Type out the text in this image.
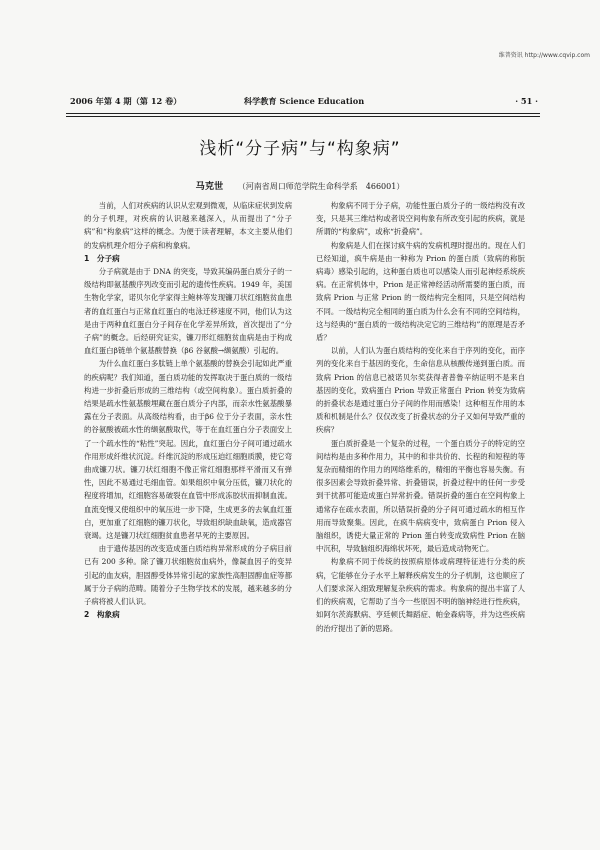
维普资讯 http://www.cqvip.com
2006 年第 4 期（第 12 卷）	科学教育 Science Education	· 51 ·
浅析“分子病”与“构象病”
马克世 （河南省周口师范学院生命科学系　466001）

当前，人们对疾病的认识从宏观到微观，从临床症状到发病的分子机理，对疾病的认识越来越深入，从而提出了“分子病”和“构象病”这样的概念。为便于读者理解，本文主要从他们的发病机理介绍分子病和构象病。

1　分子病

分子病就是由于 DNA 的突变，导致其编码蛋白质分子的一级结构即氨基酸序列改变而引起的遗传性疾病。1949 年，美国生物化学家，诺贝尔化学家得主鲍林等发现镰刀状红细胞贫血患者的血红蛋白与正常血红蛋白的电泳迁移速度不同，他们认为这是由于两种血红蛋白分子间存在化学差异所致，首次提出了“分子病”的概念。后经研究证实，镰刀形红细胞贫血病是由于构成血红蛋白β链单个氨基酸替换（β6 谷氨酸→缬氨酸）引起的。

为什么血红蛋白多肽链上单个氨基酸的替换会引起如此严重的疾病呢？我们知道，蛋白质功能的发挥取决于蛋白质的一级结构进一步折叠后形成的三维结构（或空间构象）。蛋白质折叠的结果是疏水性氨基酸埋藏在蛋白质分子内部，而亲水性氨基酸暴露在分子表面。从高级结构看，由于β6 位于分子表面，亲水性的谷氨酸被疏水性的缬氨酸取代，等于在血红蛋白分子表面安上了一个疏水性的“粘性”突起。因此，血红蛋白分子间可通过疏水作用形成纤维状沉淀。纤维沉淀的形成压迫红细胞质膜，使它弯曲成镰刀状。镰刀状红细胞不像正常红细胞那样平滑而又有弹性，因此不易通过毛细血管。如果组织中氧分压低，镰刀状化的程度将增加，红细胞容易破裂在血管中形成冻胶状而抑制血流。血流变慢又使组织中的氧压进一步下降，生成更多的去氧血红蛋白，更加重了红细胞的镰刀状化，导致组织缺血缺氧，造成器官衰竭。这是镰刀状红细胞贫血患者早死的主要原因。

由于遗传基因的改变造成蛋白质结构异常形成的分子病目前已有 200 多种。除了镰刀状细胞贫血病外，像凝血因子的变异引起的血友病，胆固醇受体异常引起的家族性高胆固醇血症等都属于分子病的范畴。随着分子生物学技术的发展，越来越多的分子病将被人们认识。

2　构象病

构象病不同于分子病，功能性蛋白质分子的一级结构没有改变，只是其三维结构或者说空间构象有所改变引起的疾病，就是所谓的“构象病”，或称“折叠病”。

构象病是人们在探讨疯牛病的发病机理时提出的。现在人们已经知道，疯牛病是由一种称为 Prion 的蛋白质（致病的称朊病毒）感染引起的，这种蛋白质也可以感染人而引起神经系统疾病。在正常机体中，Prion 是正常神经活动所需要的蛋白质，而致病 Prion 与正常 Prion 的一级结构完全相同，只是空间结构不同。一级结构完全相同的蛋白质为什么会有不同的空间结构，这与经典的“蛋白质的一级结构决定它的三维结构”的原理是否矛盾？

以前，人们认为蛋白质结构的变化来自于序列的变化，而序列的变化来自于基因的变化，生命信息从核酸传递到蛋白质。而致病 Prion 的信息已被诺贝尔奖获得者普鲁辛纳证明不是来自基因的变化，致病蛋白 Prion 导致正常蛋白 Prion 转变为致病的折叠状态是通过蛋白分子间的作用而感染！这种相互作用的本质和机制是什么？仅仅改变了折叠状态的分子又如何导致严重的疾病？

蛋白质折叠是一个复杂的过程，一个蛋白质分子的特定的空间结构是由多种作用力，其中的和非共价的、长程的和短程的等复杂而精细的作用力的网络维系的，精细的平衡也容易失衡。有很多因素会导致折叠异常、折叠错误，折叠过程中的任何一步受到干扰都可能造成蛋白异常折叠。错误折叠的蛋白在空间构象上通常存在疏水表面，所以错误折叠的分子间可通过疏水的相互作用而导致聚集。因此，在疯牛病病变中，致病蛋白 Prion 侵入脑组织，诱使大量正常的 Prion 蛋白转变成致病性 Prion 在脑中沉积，导致脑组织海绵状坏死，最后造成动物死亡。

构象病不同于传统的按照病原体或病理特征进行分类的疾病，它能够在分子水平上解释疾病发生的分子机制，这也顺应了人们要求深入细致理解复杂疾病的需求。构象病的提出丰富了人们的疾病观，它帮助了当今一些原因不明的脑神经进行性疾病，如阿尔茨海默病、亨廷顿氏舞蹈症、帕金森病等，并为这些疾病的治疗提出了新的思路。
